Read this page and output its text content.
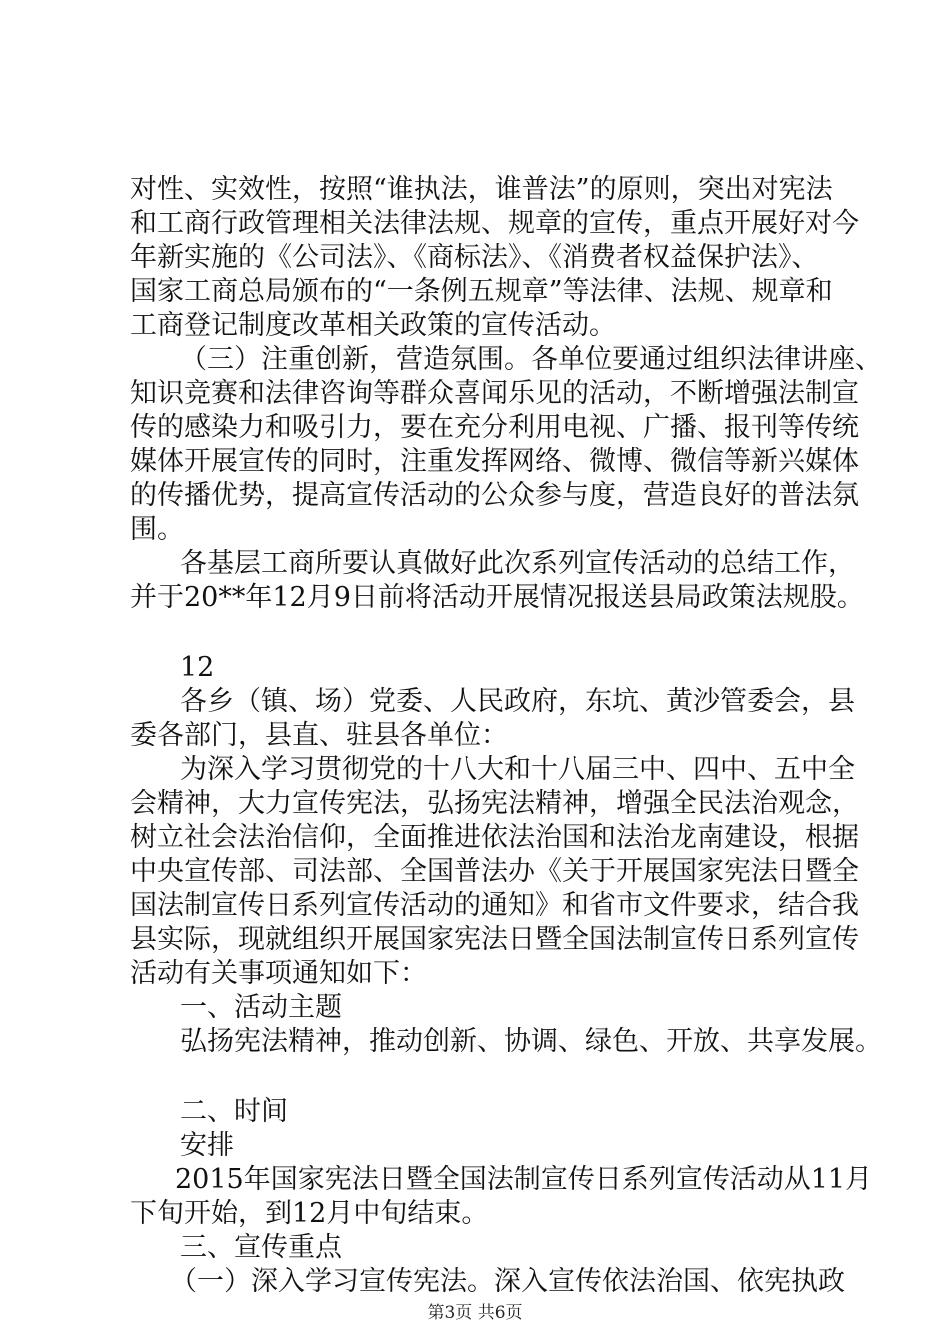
对性、实效性，按照“谁执法，谁普法”的原则，突出对宪法
和工商行政管理相关法律法规、规章的宣传，重点开展好对今
年新实施的《公司法》、《商标法》、《消费者权益保护法》、
国家工商总局颁布的“一条例五规章”等法律、法规、规章和
工商登记制度改革相关政策的宣传活动。
（三）注重创新，营造氛围。各单位要通过组织法律讲座、
知识竞赛和法律咨询等群众喜闻乐见的活动，不断增强法制宣
传的感染力和吸引力，要在充分利用电视、广播、报刊等传统
媒体开展宣传的同时，注重发挥网络、微博、微信等新兴媒体
的传播优势，提高宣传活动的公众参与度，营造良好的普法氛
围。
各基层工商所要认真做好此次系列宣传活动的总结工作，
并于20**年12月9日前将活动开展情况报送县局政策法规股。
12
各乡（镇、场）党委、人民政府，东坑、黄沙管委会，县
委各部门，县直、驻县各单位：
为深入学习贯彻党的十八大和十八届三中、四中、五中全
会精神，大力宣传宪法，弘扬宪法精神，增强全民法治观念，
树立社会法治信仰，全面推进依法治国和法治龙南建设，根据
中央宣传部、司法部、全国普法办《关于开展国家宪法日暨全
国法制宣传日系列宣传活动的通知》和省市文件要求，结合我
县实际，现就组织开展国家宪法日暨全国法制宣传日系列宣传
活动有关事项通知如下：
一、活动主题
弘扬宪法精神，推动创新、协调、绿色、开放、共享发展。
二、时间
安排
2015年国家宪法日暨全国法制宣传日系列宣传活动从11月
下旬开始，到12月中旬结束。
三、宣传重点
（一）深入学习宣传宪法。深入宣传依法治国、依宪执政
第3页 共6页
